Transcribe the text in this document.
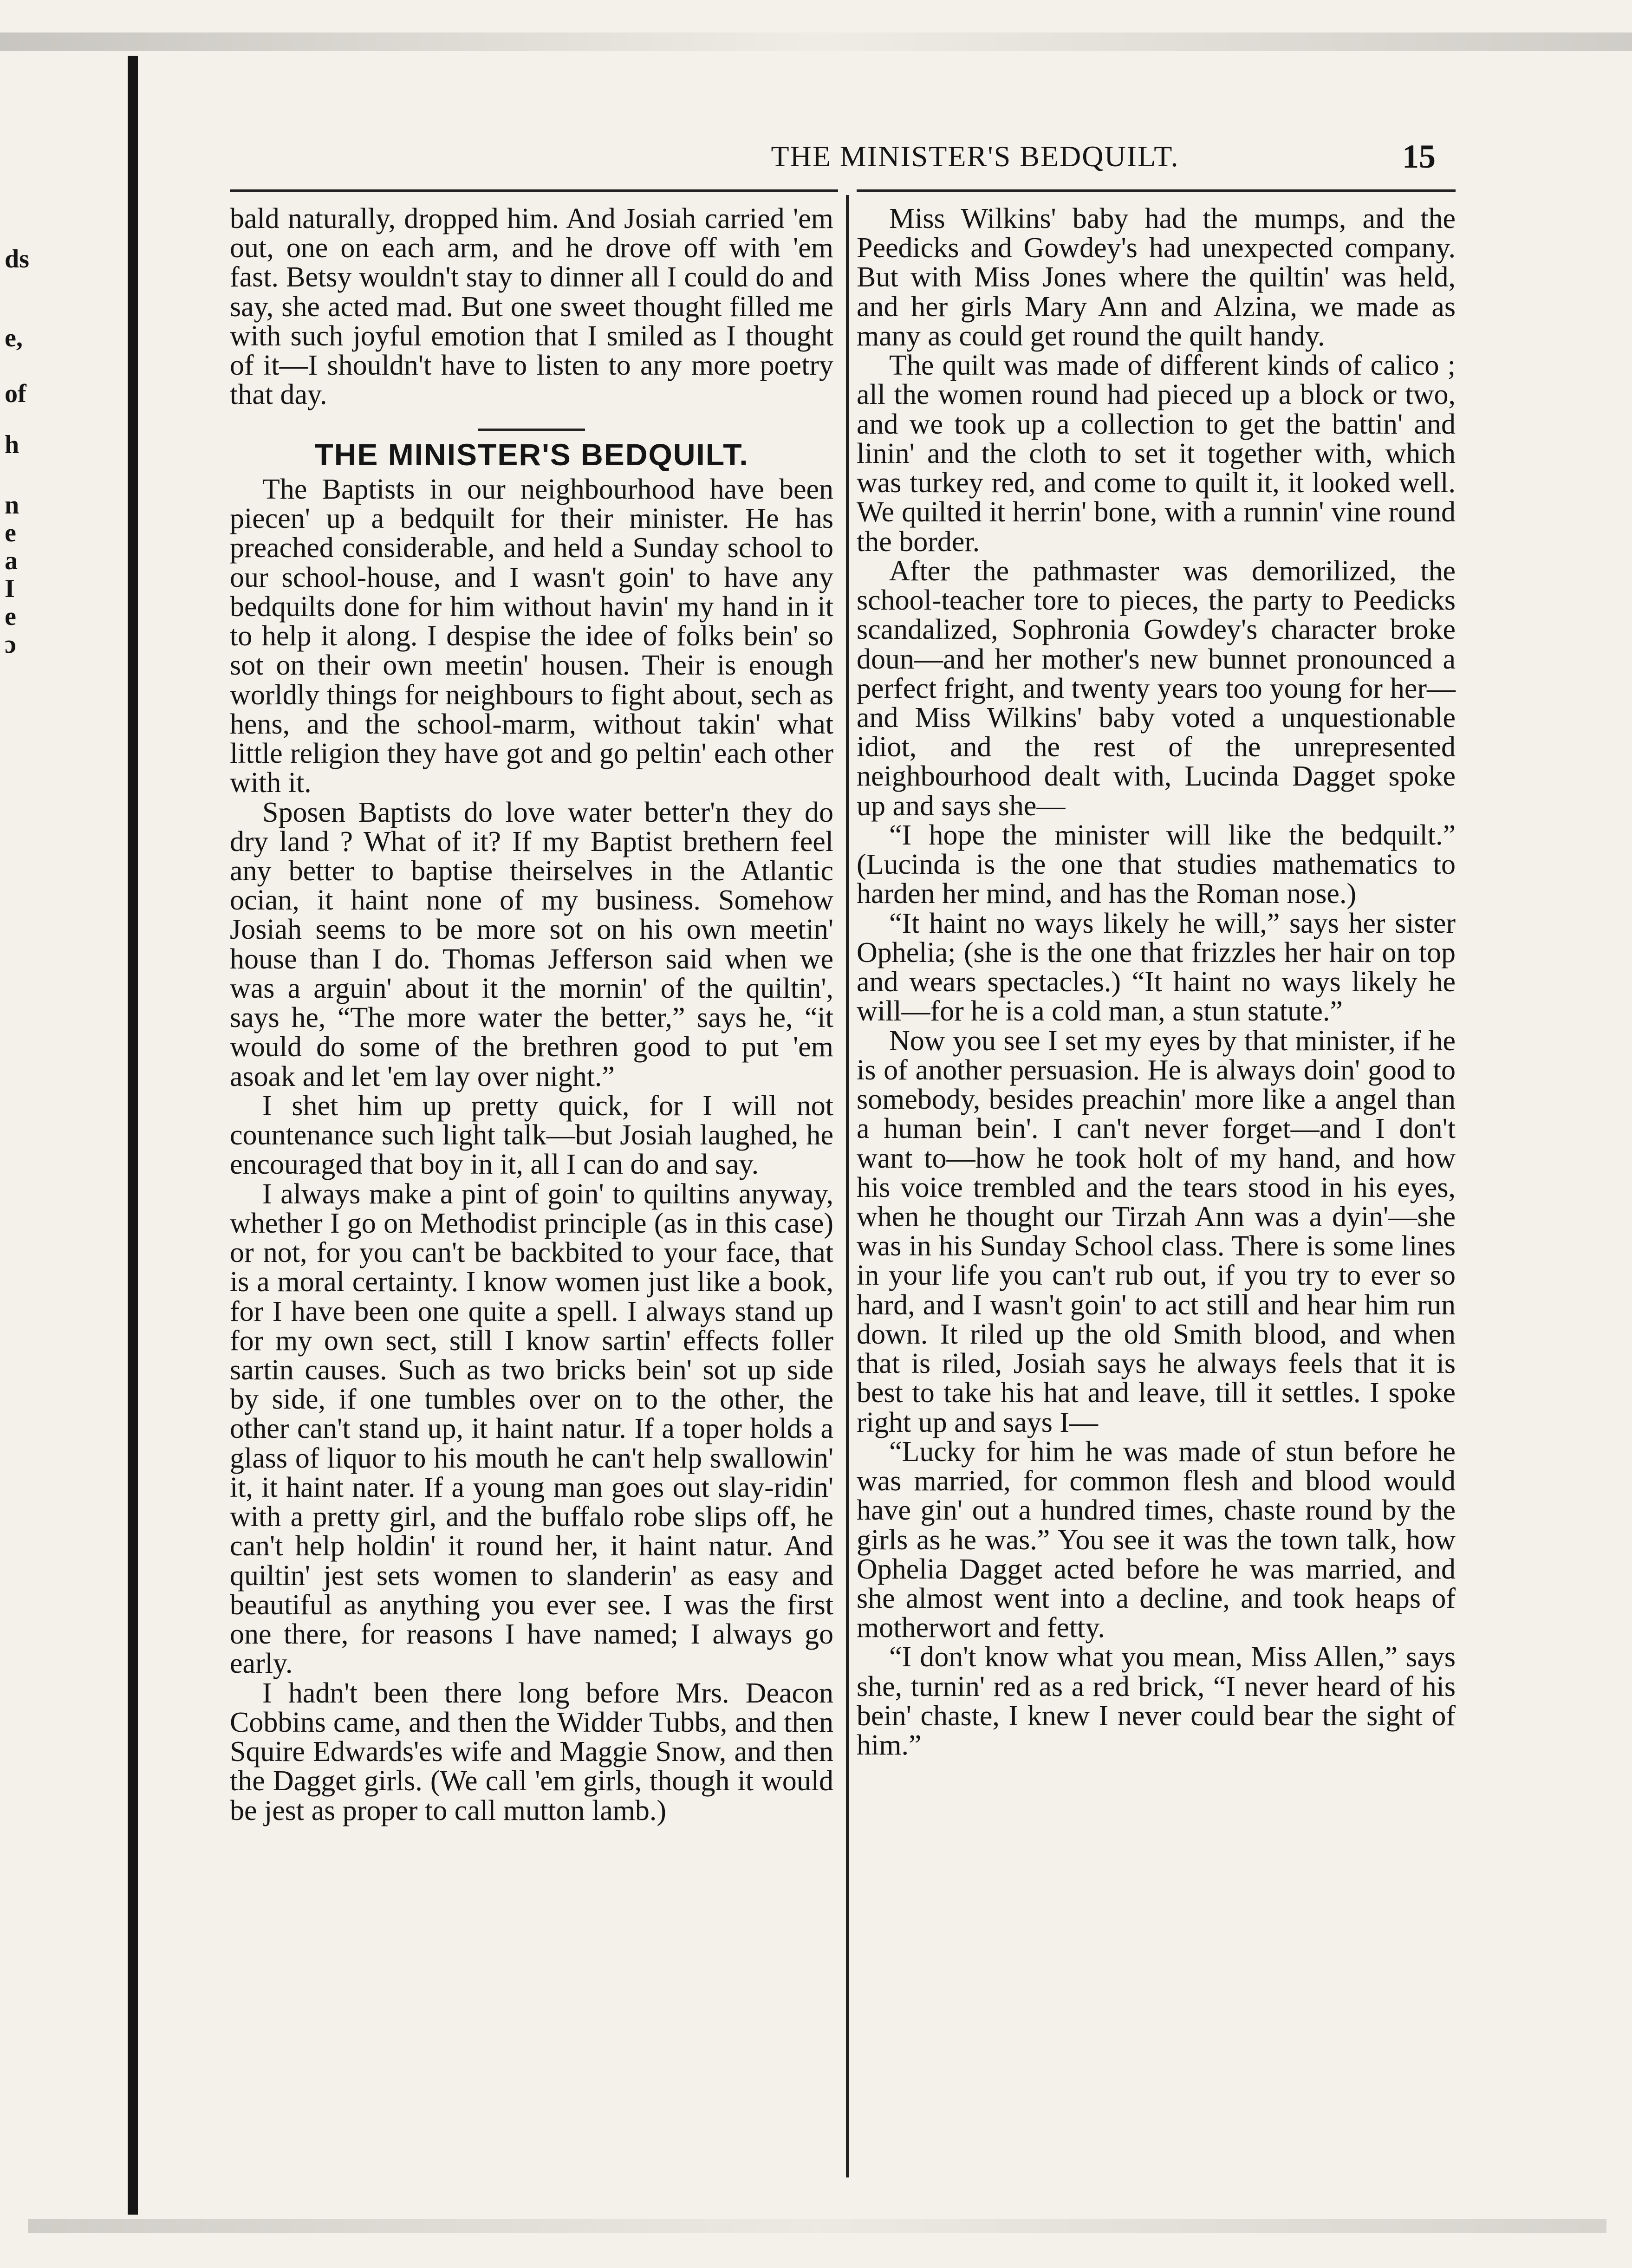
ds
e,
of
h
n
e
a
I
e
ɔ
THE MINISTER'S BEDQUILT.	15

bald naturally, dropped him. And Josiah carried 'em out, one on each arm, and he drove off with 'em fast. Betsy wouldn't stay to dinner all I could do and say, she acted mad. But one sweet thought filled me with such joyful emotion that I smiled as I thought of it—I shouldn't have to listen to any more poetry that day.

THE MINISTER'S BEDQUILT.

The Baptists in our neighbourhood have been piecen' up a bedquilt for their minister. He has preached considerable, and held a Sunday school to our school-house, and I wasn't goin' to have any bedquilts done for him without havin' my hand in it to help it along. I despise the idee of folks bein' so sot on their own meetin' housen. Their is enough worldly things for neighbours to fight about, sech as hens, and the school-marm, without takin' what little religion they have got and go peltin' each other with it.

Sposen Baptists do love water better'n they do dry land ? What of it? If my Baptist brethern feel any better to baptise theirselves in the Atlantic ocian, it haint none of my business. Somehow Josiah seems to be more sot on his own meetin' house than I do. Thomas Jefferson said when we was a arguin' about it the mornin' of the quiltin', says he, “The more water the better,” says he, “it would do some of the brethren good to put 'em asoak and let 'em lay over night.”

I shet him up pretty quick, for I will not countenance such light talk—but Josiah laughed, he encouraged that boy in it, all I can do and say.

I always make a pint of goin' to quiltins anyway, whether I go on Methodist principle (as in this case) or not, for you can't be backbited to your face, that is a moral certainty. I know women just like a book, for I have been one quite a spell. I always stand up for my own sect, still I know sartin' effects foller sartin causes. Such as two bricks bein' sot up side by side, if one tumbles over on to the other, the other can't stand up, it haint natur. If a toper holds a glass of liquor to his mouth he can't help swallowin' it, it haint nater. If a young man goes out slay-ridin' with a pretty girl, and the buffalo robe slips off, he can't help holdin' it round her, it haint natur. And quiltin' jest sets women to slanderin' as easy and beautiful as anything you ever see. I was the first one there, for reasons I have named; I always go early.

I hadn't been there long before Mrs. Deacon Cobbins came, and then the Widder Tubbs, and then Squire Edwards'es wife and Maggie Snow, and then the Dagget girls. (We call 'em girls, though it would be jest as proper to call mutton lamb.)

Miss Wilkins' baby had the mumps, and the Peedicks and Gowdey's had unexpected company. But with Miss Jones where the quiltin' was held, and her girls Mary Ann and Alzina, we made as many as could get round the quilt handy.

The quilt was made of different kinds of calico ; all the women round had pieced up a block or two, and we took up a collection to get the battin' and linin' and the cloth to set it together with, which was turkey red, and come to quilt it, it looked well. We quilted it herrin' bone, with a runnin' vine round the border.

After the pathmaster was demorilized, the school-teacher tore to pieces, the party to Peedicks scandalized, Sophronia Gowdey's character broke doun—and her mother's new bunnet pronounced a perfect fright, and twenty years too young for her—and Miss Wilkins' baby voted a unquestionable idiot, and the rest of the unrepresented neighbourhood dealt with, Lucinda Dagget spoke up and says she—

“I hope the minister will like the bedquilt.” (Lucinda is the one that studies mathematics to harden her mind, and has the Roman nose.)

“It haint no ways likely he will,” says her sister Ophelia; (she is the one that frizzles her hair on top and wears spectacles.) “It haint no ways likely he will—for he is a cold man, a stun statute.”

Now you see I set my eyes by that minister, if he is of another persuasion. He is always doin' good to somebody, besides preachin' more like a angel than a human bein'. I can't never forget—and I don't want to—how he took holt of my hand, and how his voice trembled and the tears stood in his eyes, when he thought our Tirzah Ann was a dyin'—she was in his Sunday School class. There is some lines in your life you can't rub out, if you try to ever so hard, and I wasn't goin' to act still and hear him run down. It riled up the old Smith blood, and when that is riled, Josiah says he always feels that it is best to take his hat and leave, till it settles. I spoke right up and says I—

“Lucky for him he was made of stun before he was married, for common flesh and blood would have gin' out a hundred times, chaste round by the girls as he was.” You see it was the town talk, how Ophelia Dagget acted before he was married, and she almost went into a decline, and took heaps of motherwort and fetty.

“I don't know what you mean, Miss Allen,” says she, turnin' red as a red brick, “I never heard of his bein' chaste, I knew I never could bear the sight of him.”
